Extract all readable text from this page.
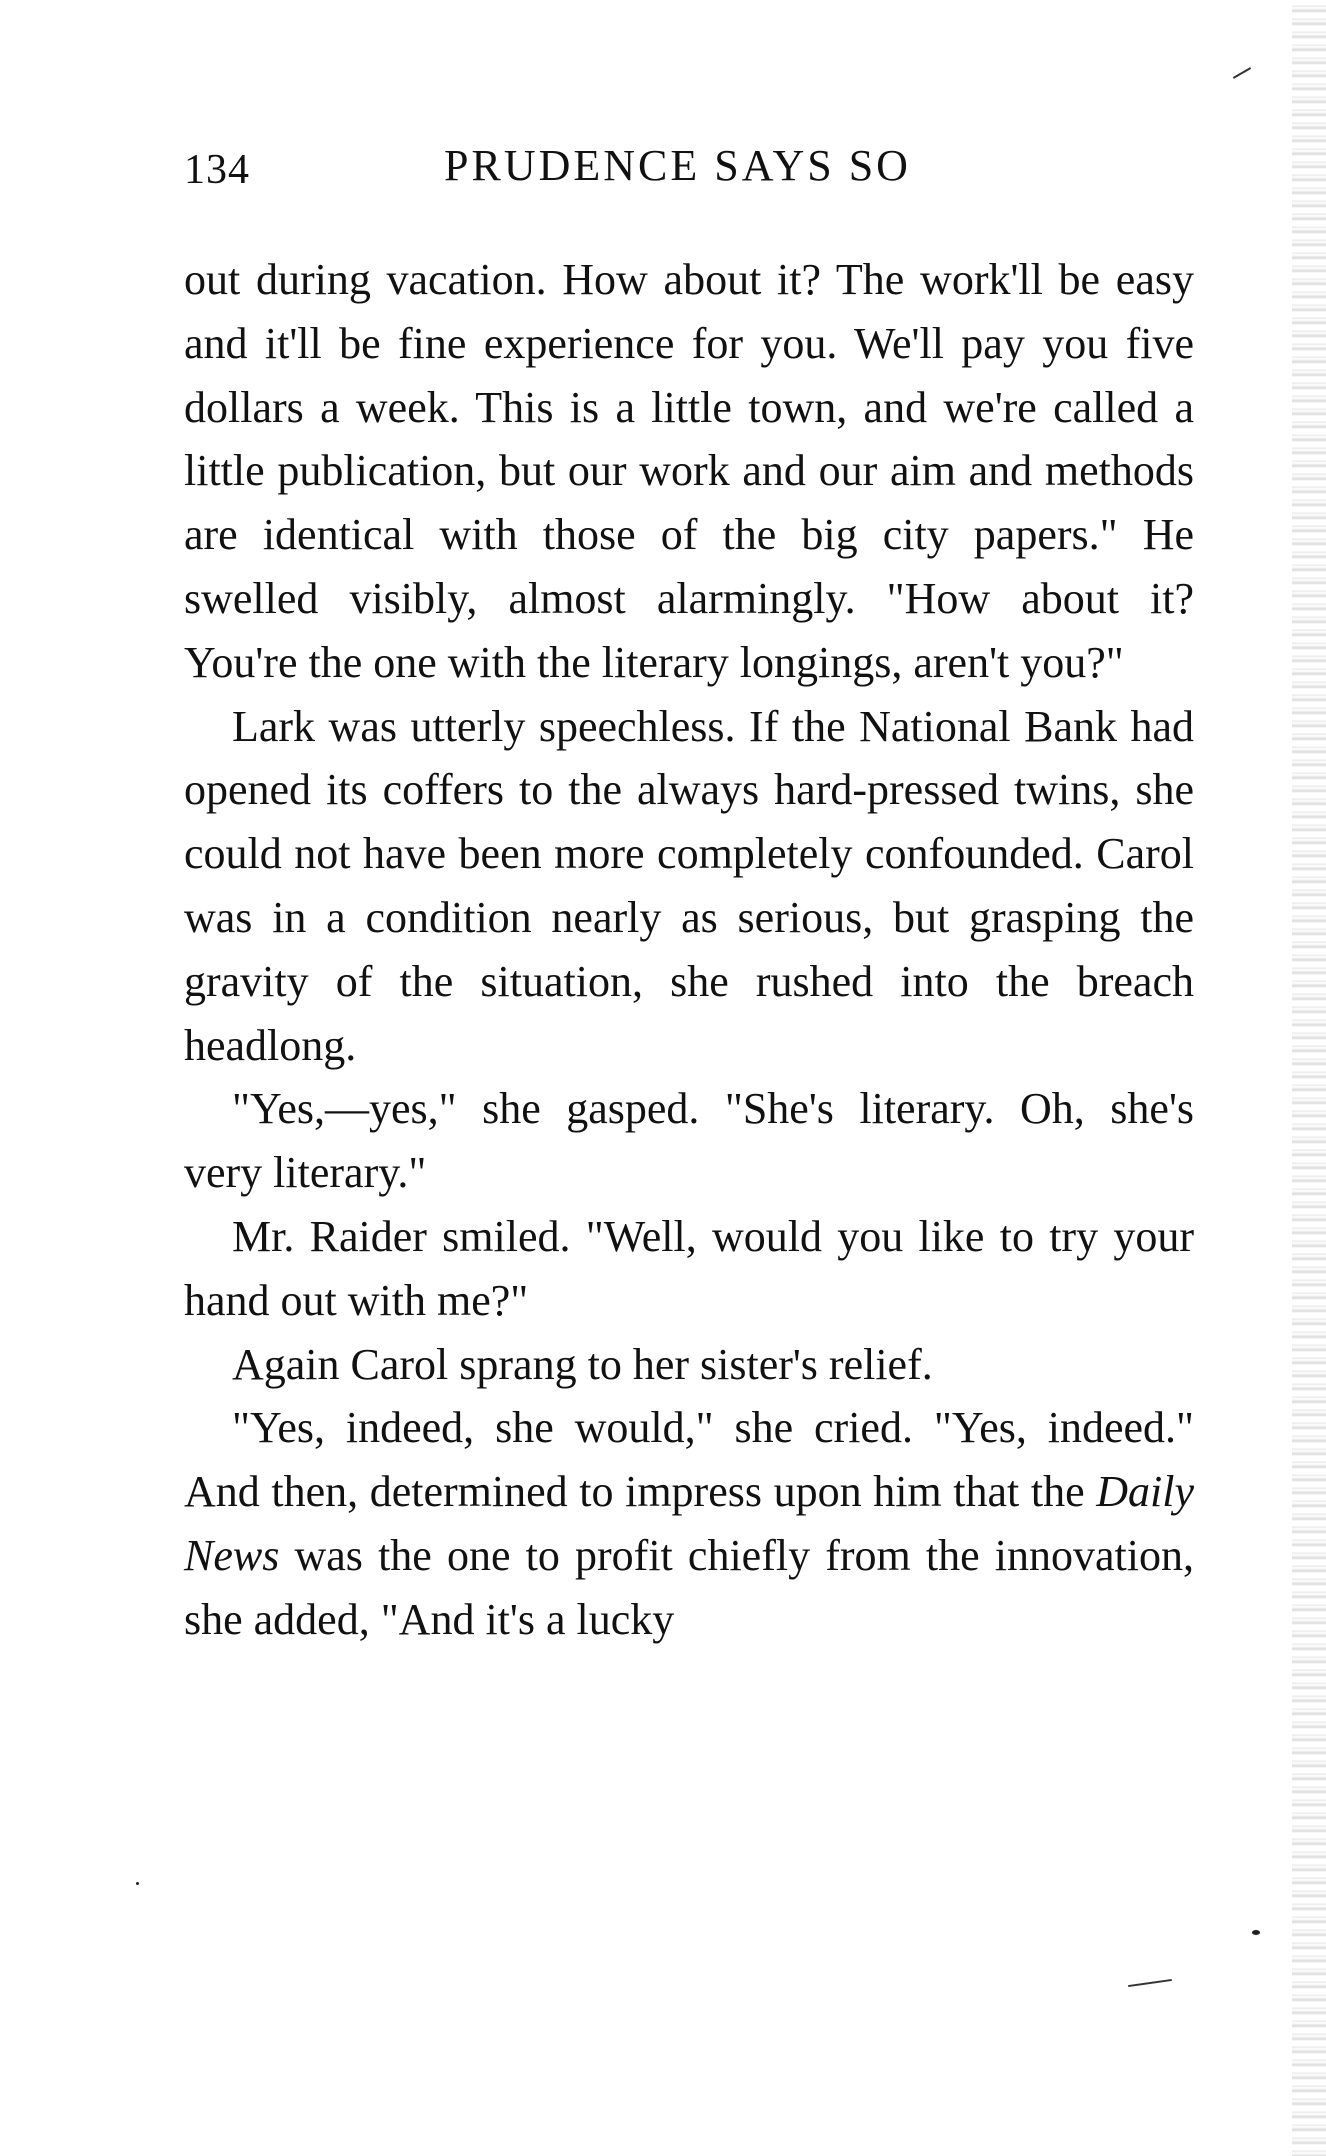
134	PRUDENCE SAYS SO

out during vacation. How about it? The work'll be easy and it'll be fine experience for you. We'll pay you five dollars a week. This is a little town, and we're called a little publication, but our work and our aim and methods are identical with those of the big city papers." He swelled visibly, almost alarmingly. "How about it? You're the one with the literary longings, aren't you?"

Lark was utterly speechless. If the National Bank had opened its coffers to the always hard-pressed twins, she could not have been more completely confounded. Carol was in a condition nearly as serious, but grasping the gravity of the situation, she rushed into the breach headlong.

"Yes,—yes," she gasped. "She's literary. Oh, she's very literary."

Mr. Raider smiled. "Well, would you like to try your hand out with me?"

Again Carol sprang to her sister's relief.

"Yes, indeed, she would," she cried. "Yes, indeed." And then, determined to impress upon him that the Daily News was the one to profit chiefly from the innovation, she added, "And it's a lucky
